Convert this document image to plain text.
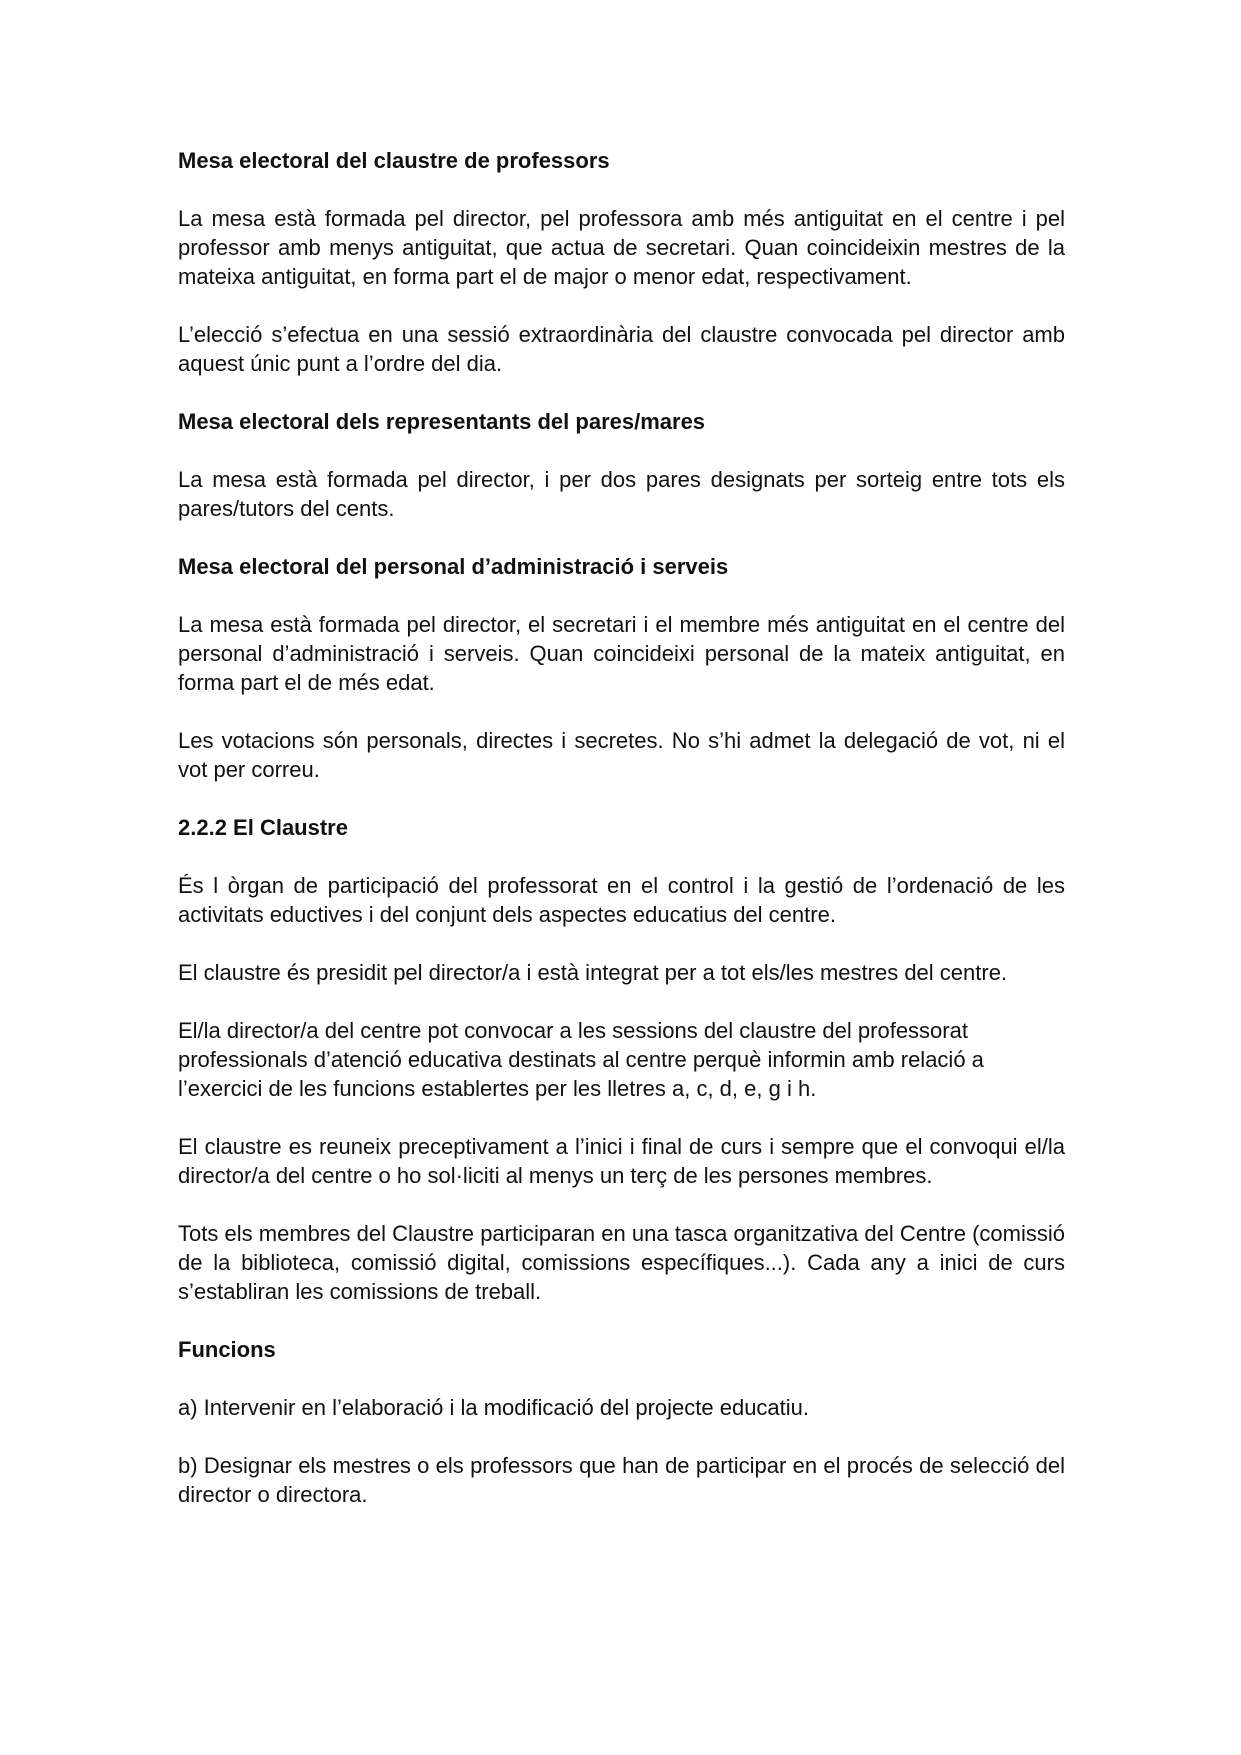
Mesa electoral del claustre de professors
La mesa està formada pel director, pel professora amb més antiguitat en el centre i pel professor amb menys antiguitat, que actua de secretari. Quan coincideixin mestres de la mateixa antiguitat, en forma part el de major o menor edat, respectivament.
L’elecció s’efectua en una sessió extraordinària del claustre convocada pel director amb aquest únic punt a l’ordre del dia.
Mesa electoral dels representants del pares/mares
La mesa està formada pel director, i per dos pares designats per sorteig entre tots els pares/tutors del cents.
Mesa electoral del personal d’administració i serveis
La mesa està formada pel director, el secretari i el membre més antiguitat en el centre del personal d’administració i serveis. Quan coincideixi personal de la mateix antiguitat, en forma part el de més edat.
Les votacions són personals, directes i secretes. No s’hi admet la delegació de vot, ni el vot per correu.
2.2.2 El Claustre
És l òrgan de participació del professorat en el control i la gestió de l’ordenació de les activitats eductives i del conjunt dels aspectes educatius del centre.
El claustre és presidit pel director/a i està integrat per a tot els/les mestres del centre.
El/la director/a del centre pot convocar a les sessions del claustre del professorat professionals d’atenció educativa destinats al centre perquè informin amb relació a l’exercici de les funcions establertes per les lletres a, c, d, e, g i h.
El claustre es reuneix preceptivament a l’inici i final de curs i sempre que el convoqui el/la director/a del centre o ho sol·liciti al menys un terç de les persones membres.
Tots els membres del Claustre participaran en una tasca organitzativa del Centre (comissió de la biblioteca, comissió digital, comissions específiques...). Cada any a inici de curs s’establiran les comissions de treball.
Funcions
a) Intervenir en l’elaboració i la modificació del projecte educatiu.
b) Designar els mestres o els professors que han de participar en el procés de selecció del director o directora.
